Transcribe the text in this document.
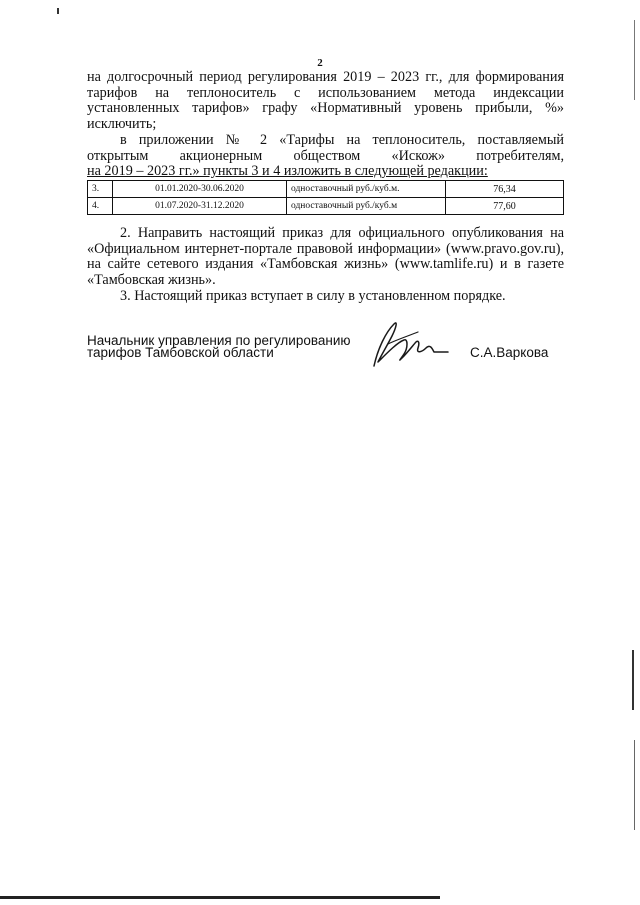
2
на долгосрочный период регулирования 2019 – 2023 гг., для формирования
тарифов на теплоноситель с использованием метода индексации
установленных тарифов» графу «Нормативный уровень прибыли, %»
исключить;
в приложении № 2 «Тарифы на теплоноситель, поставляемый
открытым акционерным обществом «Искож» потребителям,
на 2019 – 2023 гг.» пункты 3 и 4 изложить в следующей редакции:
3.	01.01.2020-30.06.2020	одноставочный руб./куб.м.	76,34
4.	01.07.2020-31.12.2020	одноставочный руб./куб.м	77,60
2. Направить настоящий приказ для официального опубликования на
«Официальном интернет-портале правовой информации» (www.pravo.gov.ru),
на сайте сетевого издания «Тамбовская жизнь» (www.tamlife.ru) и в газете
«Тамбовская жизнь».
3. Настоящий приказ вступает в силу в установленном порядке.
Начальник управления по регулированию
тарифов Тамбовской области	С.А.Варкова
